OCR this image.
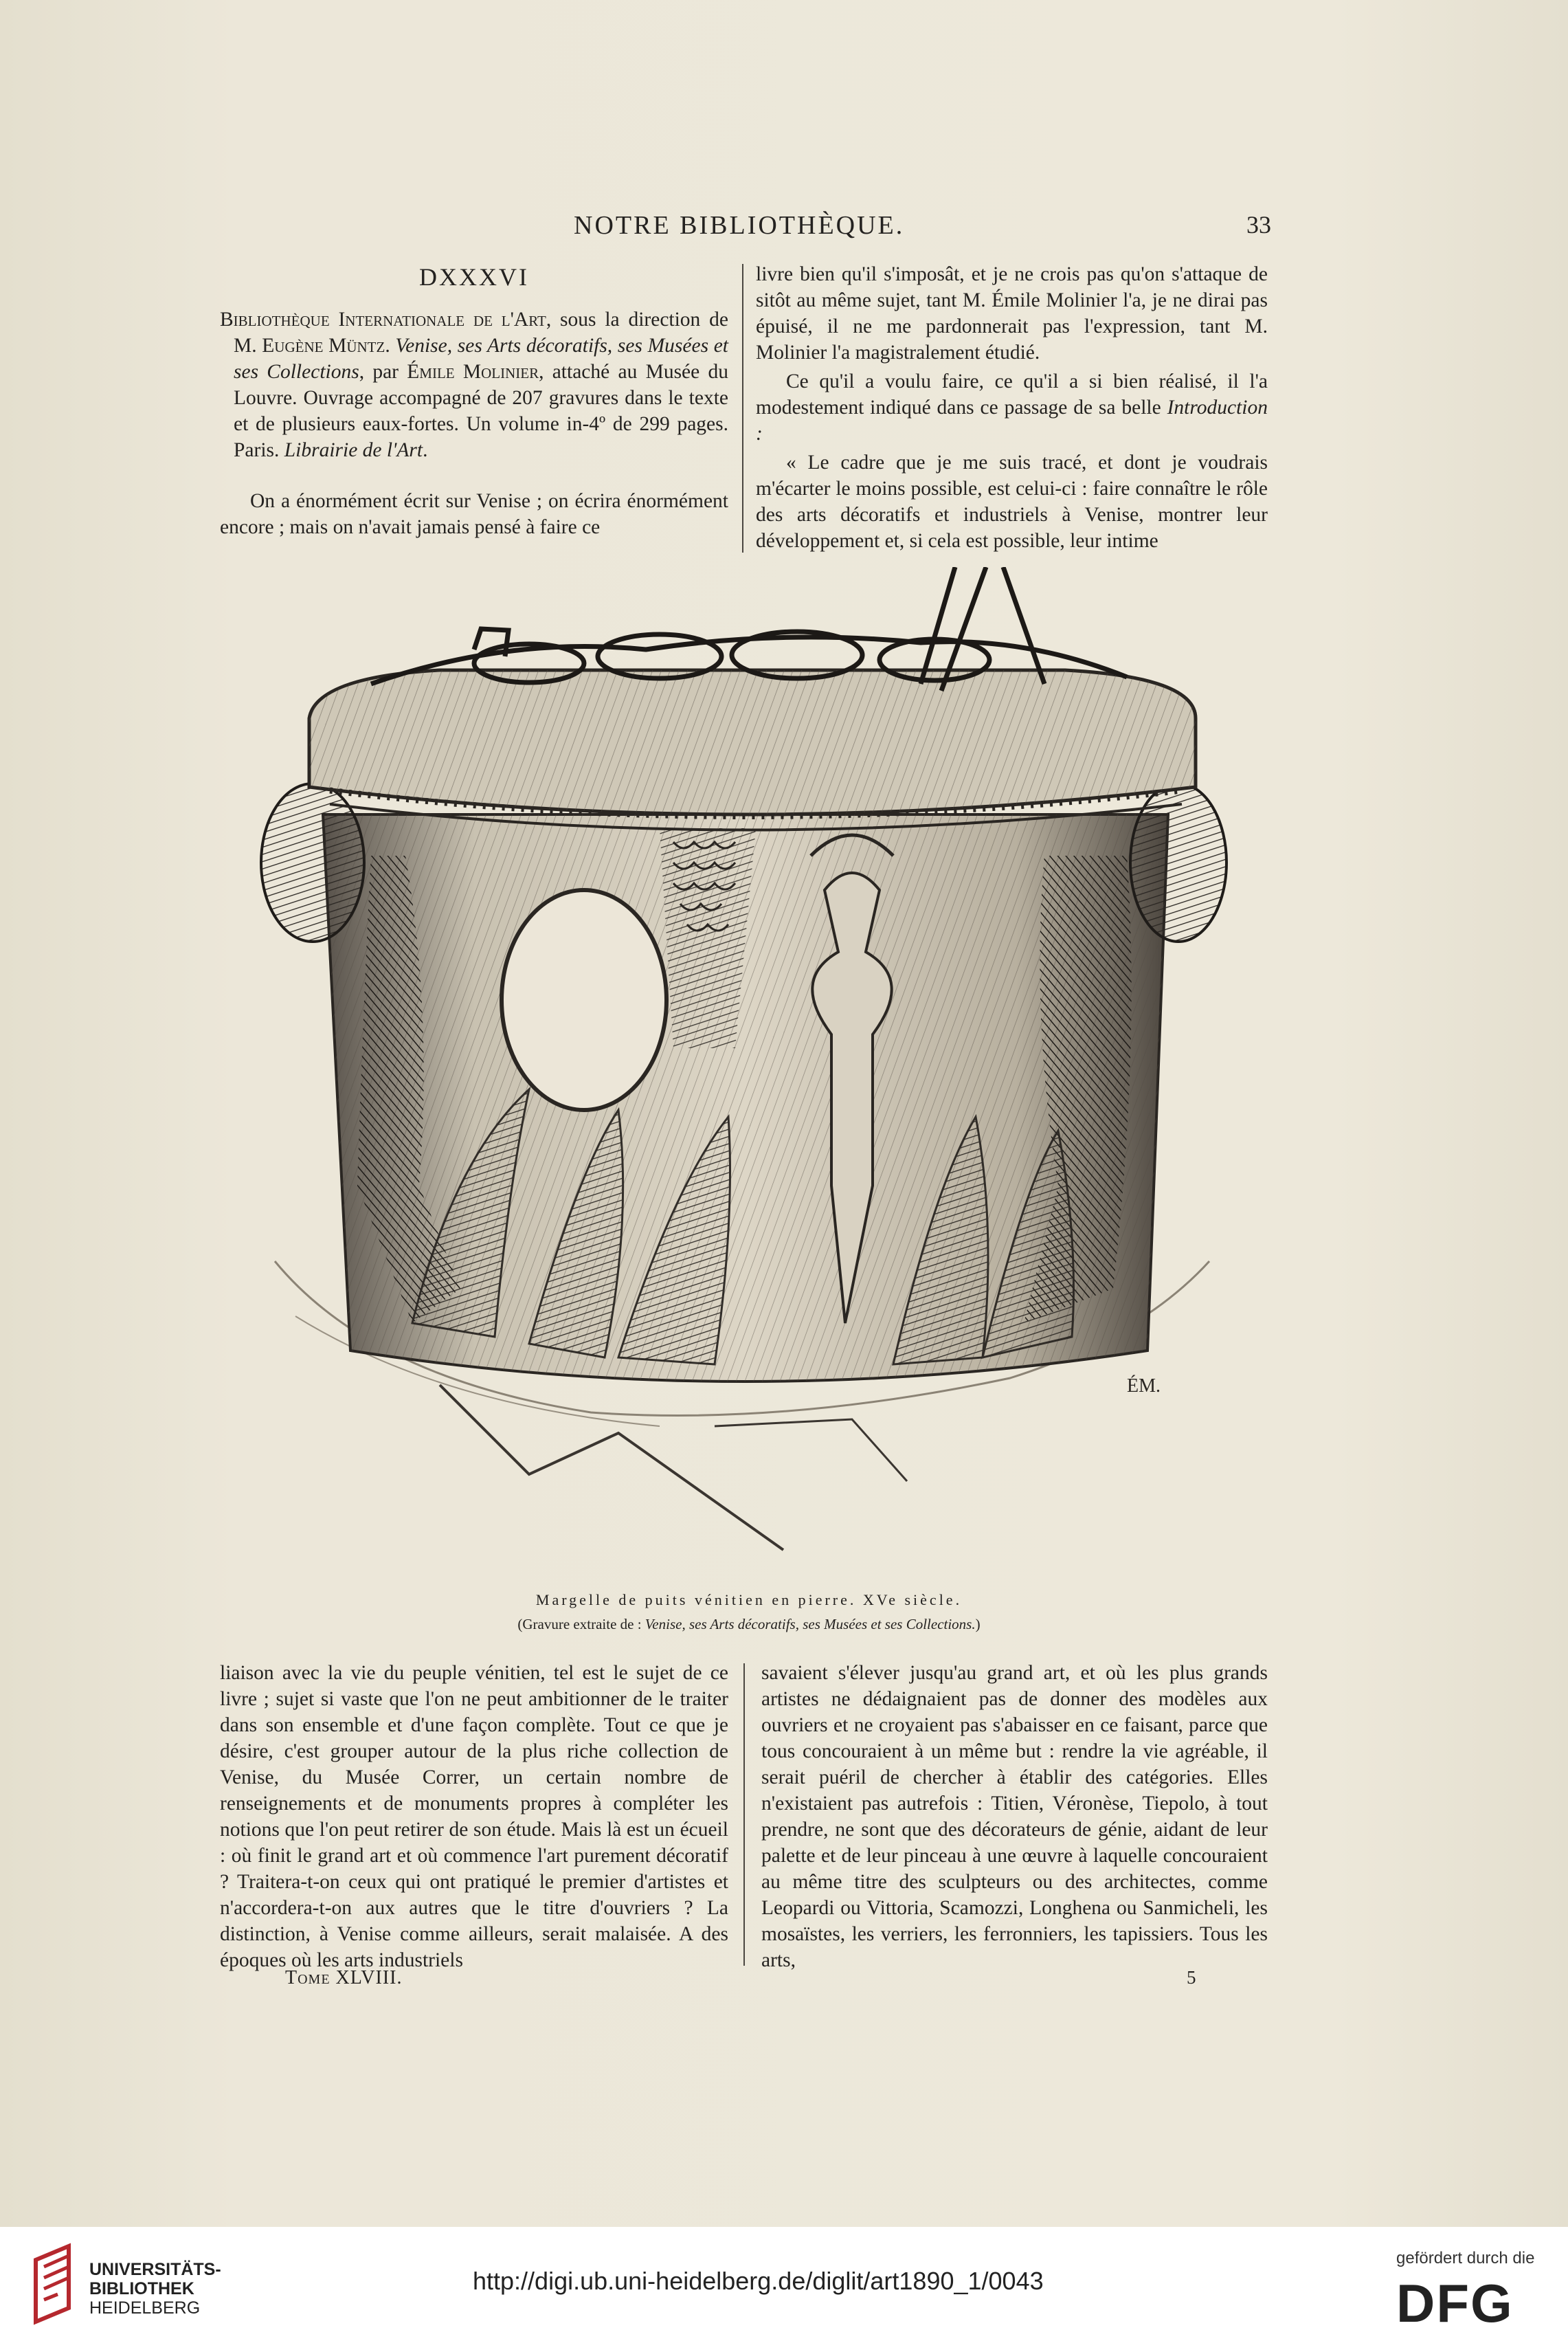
NOTRE BIBLIOTHÈQUE.	33
DXXXVI

Bibliothèque Internationale de l'Art, sous la direction de M. Eugène Müntz. Venise, ses Arts décoratifs, ses Musées et ses Collections, par Émile Molinier, attaché au Musée du Louvre. Ouvrage accompagné de 207 gravures dans le texte et de plusieurs eaux-fortes. Un volume in-4º de 299 pages. Paris. Librairie de l'Art.

On a énormément écrit sur Venise ; on écrira énormément encore ; mais on n'avait jamais pensé à faire ce

livre bien qu'il s'imposât, et je ne crois pas qu'on s'attaque de sitôt au même sujet, tant M. Émile Molinier l'a, je ne dirai pas épuisé, il ne me pardonnerait pas l'expression, tant M. Molinier l'a magistralement étudié.

Ce qu'il a voulu faire, ce qu'il a si bien réalisé, il l'a modestement indiqué dans ce passage de sa belle Introduction :

« Le cadre que je me suis tracé, et dont je voudrais m'écarter le moins possible, est celui-ci : faire connaître le rôle des arts décoratifs et industriels à Venise, montrer leur développement et, si cela est possible, leur intime

ÉM.
Margelle de puits vénitien en pierre. XVe siècle.
(Gravure extraite de : Venise, ses Arts décoratifs, ses Musées et ses Collections.)

liaison avec la vie du peuple vénitien, tel est le sujet de ce livre ; sujet si vaste que l'on ne peut ambitionner de le traiter dans son ensemble et d'une façon complète. Tout ce que je désire, c'est grouper autour de la plus riche collection de Venise, du Musée Correr, un certain nombre de renseignements et de monuments propres à compléter les notions que l'on peut retirer de son étude. Mais là est un écueil : où finit le grand art et où commence l'art purement décoratif ? Traitera-t-on ceux qui ont pratiqué le premier d'artistes et n'accordera-t-on aux autres que le titre d'ouvriers ? La distinction, à Venise comme ailleurs, serait malaisée. A des époques où les arts industriels

savaient s'élever jusqu'au grand art, et où les plus grands artistes ne dédaignaient pas de donner des modèles aux ouvriers et ne croyaient pas s'abaisser en ce faisant, parce que tous concouraient à un même but : rendre la vie agréable, il serait puéril de chercher à établir des catégories. Elles n'existaient pas autrefois : Titien, Véronèse, Tiepolo, à tout prendre, ne sont que des décorateurs de génie, aidant de leur palette et de leur pinceau à une œuvre à laquelle concouraient au même titre des sculpteurs ou des architectes, comme Leopardi ou Vittoria, Scamozzi, Longhena ou Sanmicheli, les mosaïstes, les verriers, les ferronniers, les tapissiers. Tous les arts,

Tome XLVIII.	5
UNIVERSITÄTS-
BIBLIOTHEK
HEIDELBERG
http://digi.ub.uni-heidelberg.de/diglit/art1890_1/0043
gefördert durch die
DFG
